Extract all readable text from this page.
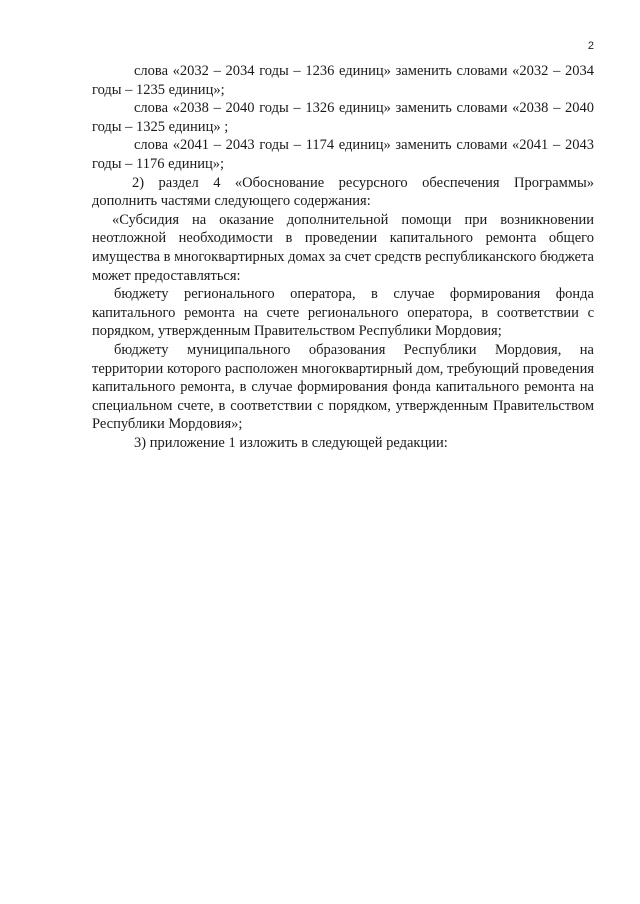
2

слова «2032 – 2034 годы – 1236 единиц» заменить словами «2032 – 2034 годы – 1235 единиц»;

слова «2038 – 2040 годы – 1326 единиц» заменить словами «2038 – 2040 годы – 1325 единиц» ;

слова «2041 – 2043 годы – 1174 единиц» заменить словами «2041 – 2043 годы – 1176 единиц»;

2) раздел 4 «Обоснование ресурсного обеспечения Программы» дополнить частями следующего содержания:

«Субсидия на оказание дополнительной помощи при возникновении неотложной необходимости в проведении капитального ремонта общего имущества в многоквартирных домах за счет средств республиканского бюджета может предоставляться:

бюджету регионального оператора, в случае формирования фонда капитального ремонта на счете регионального оператора, в соответствии с порядком, утвержденным Правительством Республики Мордовия;

бюджету муниципального образования Республики Мордовия, на территории которого расположен многоквартирный дом, требующий проведения капитального ремонта, в случае формирования фонда капитального ремонта на специальном счете, в соответствии с порядком, утвержденным Правительством Республики Мордовия»;

3) приложение 1 изложить в следующей редакции:
